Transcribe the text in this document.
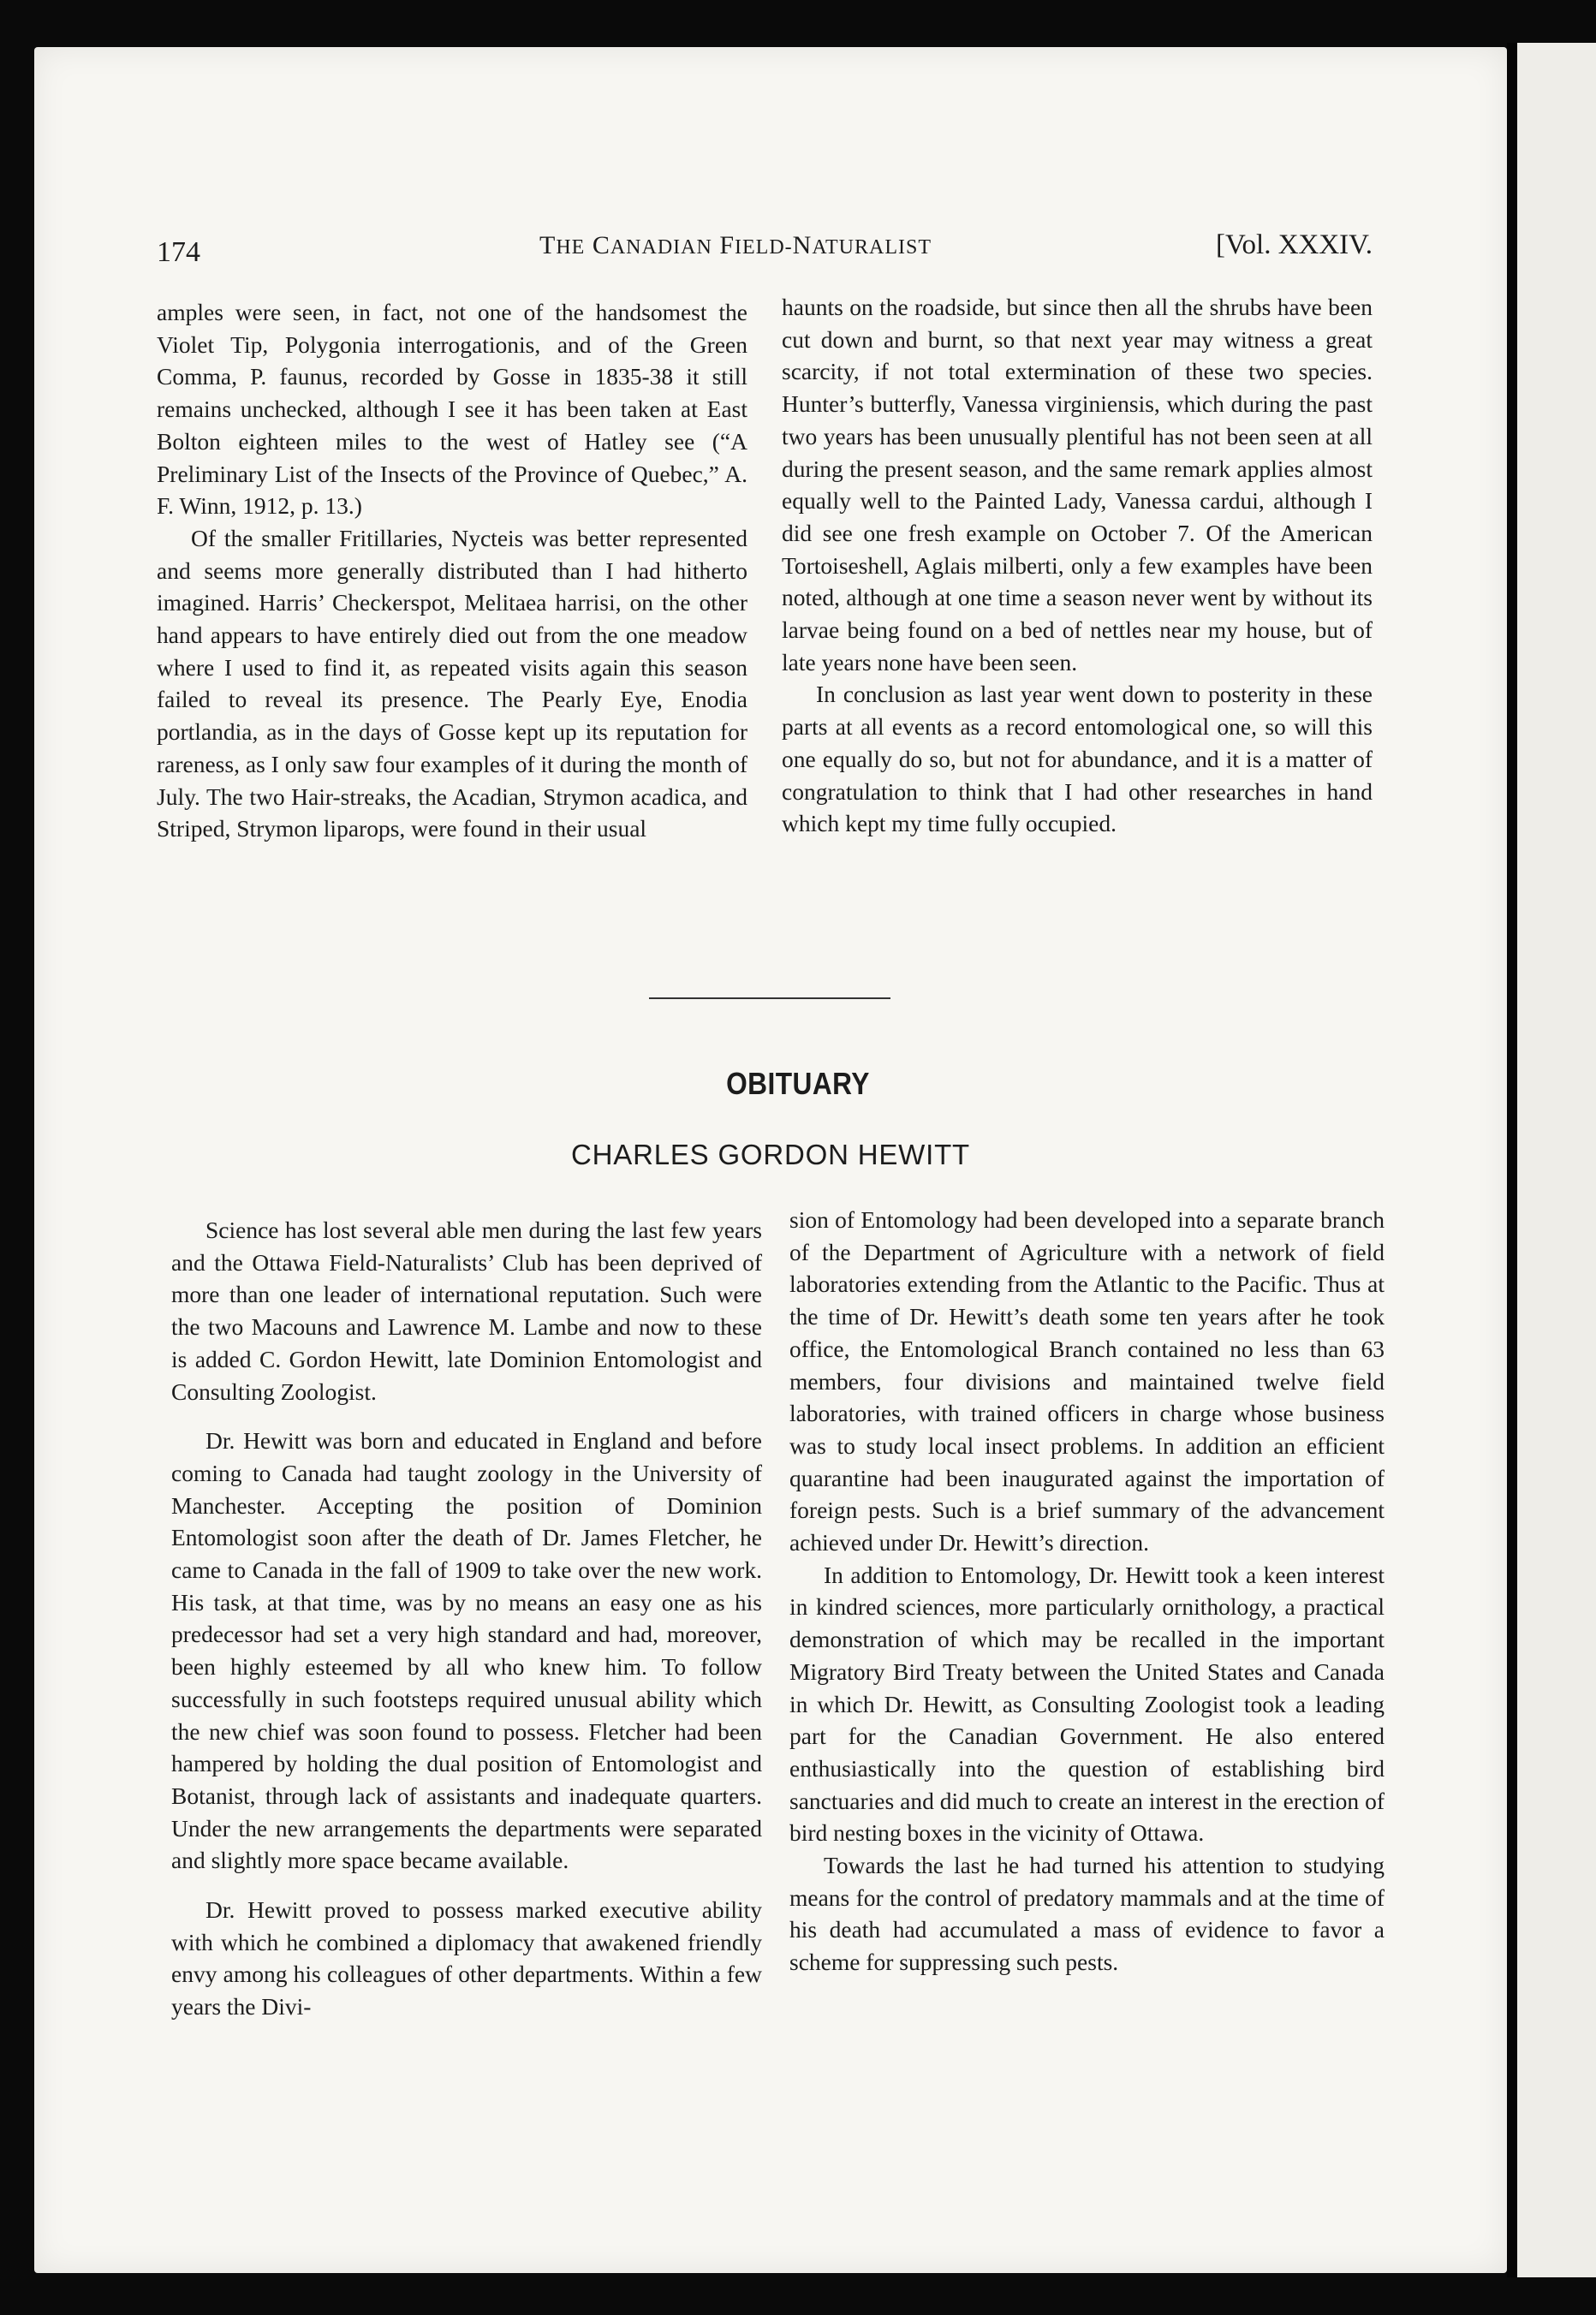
174	THE CANADIAN FIELD-NATURALIST	[Vol. XXXIV.

amples were seen, in fact, not one of the handsomest the Violet Tip, Polygonia interrogationis, and of the Green Comma, P. faunus, recorded by Gosse in 1835-38 it still remains unchecked, although I see it has been taken at East Bolton eighteen miles to the west of Hatley see (“A Preliminary List of the Insects of the Province of Quebec,” A. F. Winn, 1912, p. 13.)

Of the smaller Fritillaries, Nycteis was better represented and seems more generally distributed than I had hitherto imagined. Harris’ Checkerspot, Melitaea harrisi, on the other hand appears to have entirely died out from the one meadow where I used to find it, as repeated visits again this season failed to reveal its presence. The Pearly Eye, Enodia portlandia, as in the days of Gosse kept up its reputation for rareness, as I only saw four examples of it during the month of July. The two Hair-streaks, the Acadian, Strymon acadica, and Striped, Strymon liparops, were found in their usual

haunts on the roadside, but since then all the shrubs have been cut down and burnt, so that next year may witness a great scarcity, if not total extermination of these two species. Hunter’s butterfly, Vanessa virginiensis, which during the past two years has been unusually plentiful has not been seen at all during the present season, and the same remark applies almost equally well to the Painted Lady, Vanessa cardui, although I did see one fresh example on October 7. Of the American Tortoiseshell, Aglais milberti, only a few examples have been noted, although at one time a season never went by without its larvae being found on a bed of nettles near my house, but of late years none have been seen.

In conclusion as last year went down to posterity in these parts at all events as a record entomological one, so will this one equally do so, but not for abundance, and it is a matter of congratulation to think that I had other researches in hand which kept my time fully occupied.

OBITUARY
CHARLES GORDON HEWITT

Science has lost several able men during the last few years and the Ottawa Field-Naturalists’ Club has been deprived of more than one leader of international reputation. Such were the two Macouns and Lawrence M. Lambe and now to these is added C. Gordon Hewitt, late Dominion Entomologist and Consulting Zoologist.

Dr. Hewitt was born and educated in England and before coming to Canada had taught zoology in the University of Manchester. Accepting the position of Dominion Entomologist soon after the death of Dr. James Fletcher, he came to Canada in the fall of 1909 to take over the new work. His task, at that time, was by no means an easy one as his predecessor had set a very high standard and had, moreover, been highly esteemed by all who knew him. To follow successfully in such footsteps required unusual ability which the new chief was soon found to possess. Fletcher had been hampered by holding the dual position of Entomologist and Botanist, through lack of assistants and inadequate quarters. Under the new arrangements the departments were separated and slightly more space became available.

Dr. Hewitt proved to possess marked executive ability with which he combined a diplomacy that awakened friendly envy among his colleagues of other departments. Within a few years the Divi-

sion of Entomology had been developed into a separate branch of the Department of Agriculture with a network of field laboratories extending from the Atlantic to the Pacific. Thus at the time of Dr. Hewitt’s death some ten years after he took office, the Entomological Branch contained no less than 63 members, four divisions and maintained twelve field laboratories, with trained officers in charge whose business was to study local insect problems. In addition an efficient quarantine had been inaugurated against the importation of foreign pests. Such is a brief summary of the advancement achieved under Dr. Hewitt’s direction.

In addition to Entomology, Dr. Hewitt took a keen interest in kindred sciences, more particularly ornithology, a practical demonstration of which may be recalled in the important Migratory Bird Treaty between the United States and Canada in which Dr. Hewitt, as Consulting Zoologist took a leading part for the Canadian Government. He also entered enthusiastically into the question of establishing bird sanctuaries and did much to create an interest in the erection of bird nesting boxes in the vicinity of Ottawa.

Towards the last he had turned his attention to studying means for the control of predatory mammals and at the time of his death had accumulated a mass of evidence to favor a scheme for suppressing such pests.
